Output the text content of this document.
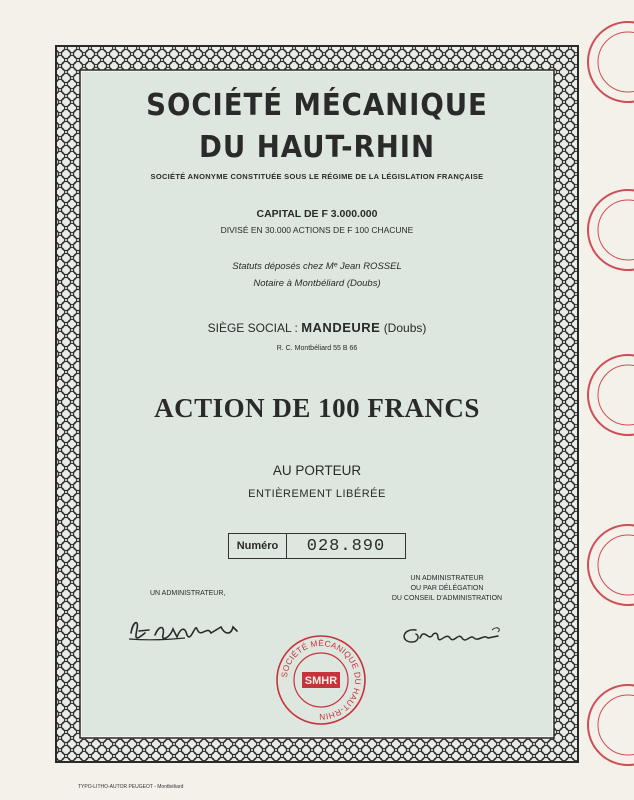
SOCIÉTÉ MÉCANIQUE
DU HAUT-RHIN
SOCIÉTÉ ANONYME CONSTITUÉE SOUS LE RÉGIME DE LA LÉGISLATION FRANÇAISE
CAPITAL DE F 3.000.000
DIVISÉ EN 30.000 ACTIONS DE F 100 CHACUNE
Statuts déposés chez Mᵉ Jean ROSSEL
Notaire à Montbéliard (Doubs)
SIÈGE SOCIAL : MANDEURE (Doubs)
R. C. Montbéliard 55 B 66
ACTION DE 100 FRANCS
AU PORTEUR
ENTIÈREMENT LIBÉRÉE
Numéro	028.890
UN ADMINISTRATEUR,
UN ADMINISTRATEUR
OU PAR DÉLÉGATION
DU CONSEIL D'ADMINISTRATION
SOCIÉTÉ MÉCANIQUE DU HAUT-RHIN
SMHR
TYPO-LITHO-AUTOR PEUGEOT - Montbéliard
